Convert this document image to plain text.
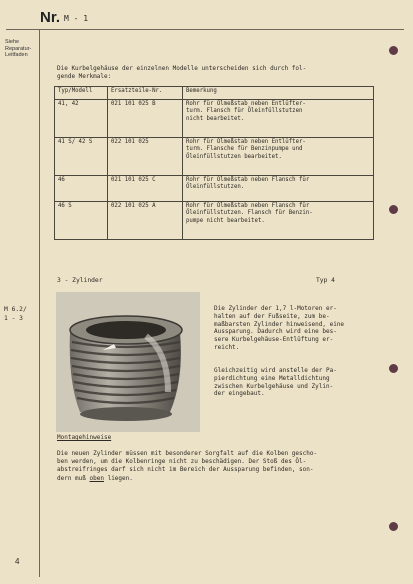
Nr. M - 1
Siehe
Reparatur-
Leitfaden
Die Kurbelgehäuse der einzelnen Modelle unterscheiden sich durch fol-
gende Merkmale:
Typ/Modell	Ersatzteile-Nr.	Bemerkung
41, 42	021 101 025 B	Rohr für Ölmeßstab neben Entlüfter-
turm. Flansch für Öleinfüllstutzen
nicht bearbeitet.

41 S/ 42 S	022 101 025	Rohr für Ölmeßstab neben Entlüfter-
turm. Flansche für Benzinpumpe und
Öleinfüllstutzen bearbeitet.

46	021 101 025 C	Rohr für Ölmeßstab neben Flansch für
Öleinfüllstutzen.

46 S	022 101 025 A	Rohr für Ölmeßstab neben Flansch für
Öleinfüllstutzen. Flansch für Benzin-
pumpe nicht bearbeitet.
3 - Zylinder	Typ 4
M 6.2/
1 - 3
Die Zylinder der 1,7 l-Motoren er-
halten auf der Fußseite, zum be-
maßbarsten Zylinder hinweisend, eine
Aussparung. Dadurch wird eine bes-
sere Kurbelgehäuse-Entlüftung er-
reicht.
Gleichzeitig wird anstelle der Pa-
pierdichtung eine Metalldichtung
zwischen Kurbelgehäuse und Zylin-
der eingebaut.
Montagehinweise
Die neuen Zylinder müssen mit besonderer Sorgfalt auf die Kolben gescho-
ben werden, um die Kolbenringe nicht zu beschädigen. Der Stoß des Öl-
abstreifringes darf sich nicht im Bereich der Aussparung befinden, son-
dern muß oben liegen.
4
